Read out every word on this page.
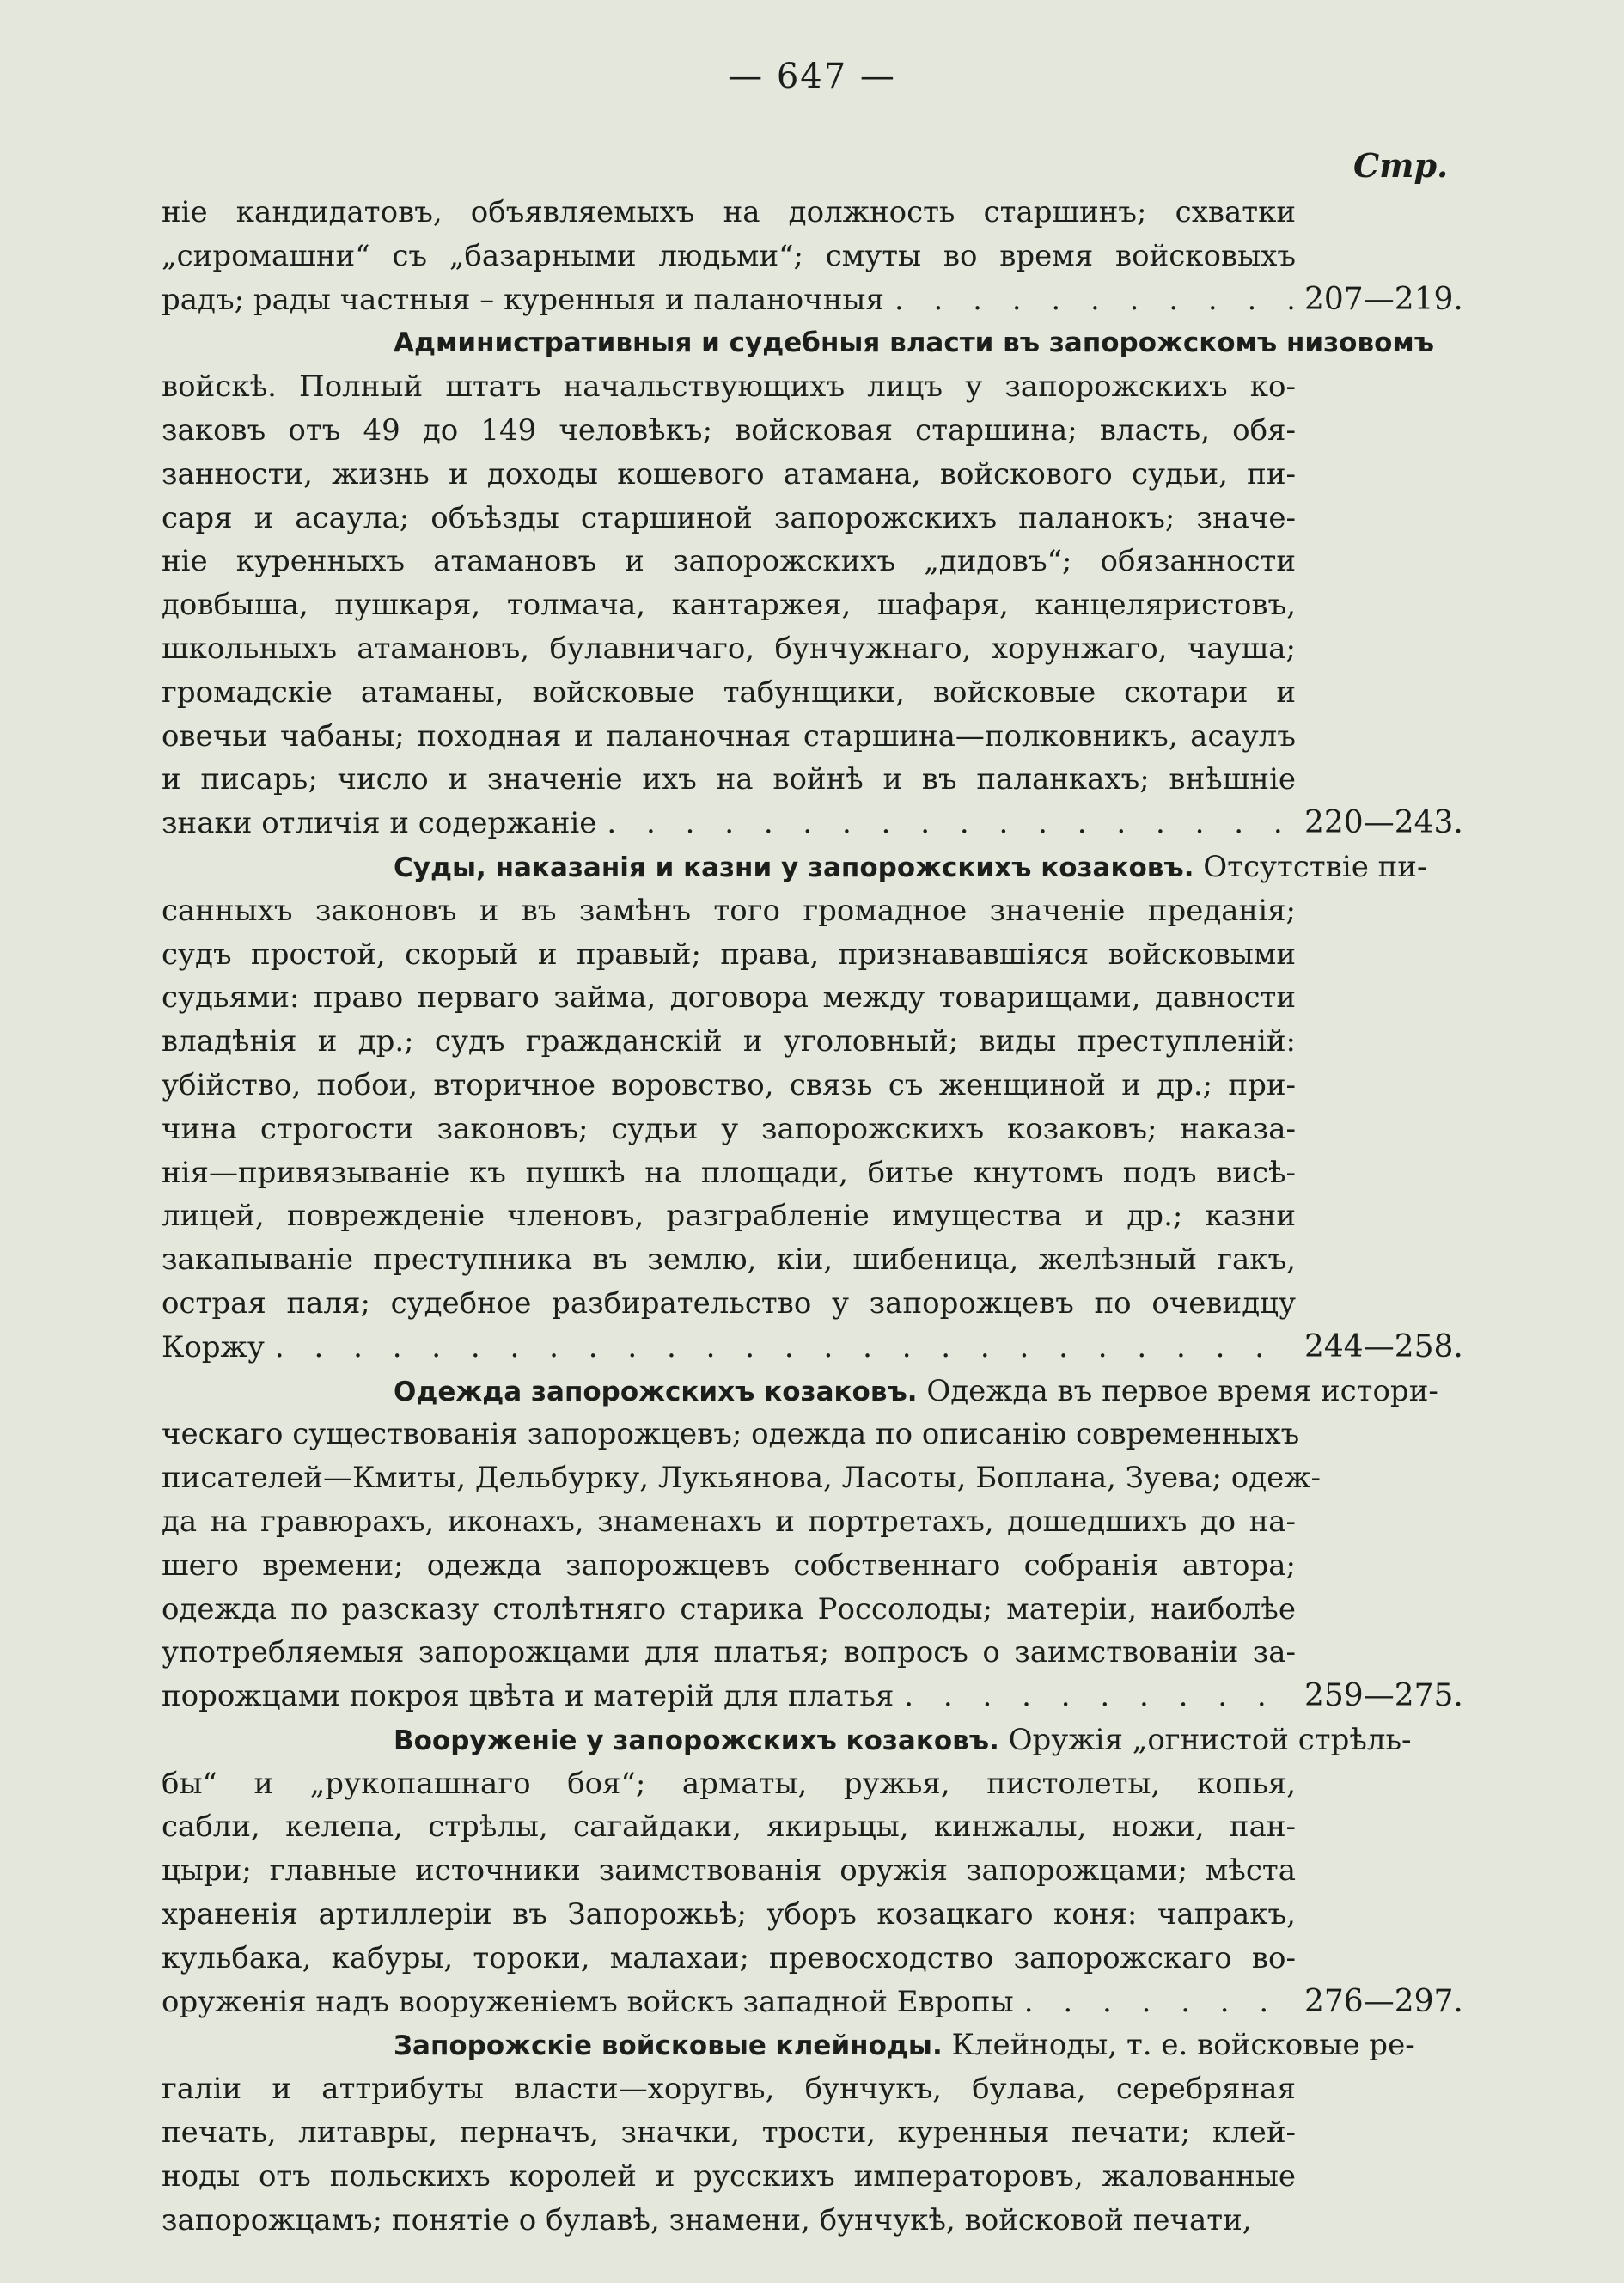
— 647 —
Стр.
ніе кандидатовъ, объявляемыхъ на должность старшинъ; схватки
„сиромашни“ съ „базарными людьми“; смуты во время войсковыхъ
радъ; рады частныя – куренныя и паланочныя . . .	207—219.
Административныя и судебныя власти въ запорожскомъ низовомъ
войскѣ. Полный штатъ начальствующихъ лицъ у запорожскихъ ко-
заковъ отъ 49 до 149 человѣкъ; войсковая старшина; власть, обя-
занности, жизнь и доходы кошевого атамана, войскового судьи, пи-
саря и асаула; объѣзды старшиной запорожскихъ паланокъ; значе-
ніе куренныхъ атамановъ и запорожскихъ „дидовъ“; обязанности
довбыша, пушкаря, толмача, кантаржея, шафаря, канцеляристовъ,
школьныхъ атамановъ, булавничаго, бунчужнаго, хорунжаго, чауша;
громадскіе атаманы, войсковые табунщики, войсковые скотари и
овечьи чабаны; походная и паланочная старшина—полковникъ, асаулъ
и писарь; число и значеніе ихъ на войнѣ и въ паланкахъ; внѣшніе
знаки отличія и содержаніе . . .	220—243.
Суды, наказанія и казни у запорожскихъ козаковъ. Отсутствіе пи-
санныхъ законовъ и въ замѣнъ того громадное значеніе преданія;
судъ простой, скорый и правый; права, признававшіяся войсковыми
судьями: право перваго займа, договора между товарищами, давности
владѣнія и др.; судъ гражданскій и уголовный; виды преступленій:
убійство, побои, вторичное воровство, связь съ женщиной и др.; при-
чина строгости законовъ; судьи у запорожскихъ козаковъ; наказа-
нія—привязываніе къ пушкѣ на площади, битье кнутомъ подъ висѣ-
лицей, поврежденіе членовъ, разграбленіе имущества и др.; казни
закапываніе преступника въ землю, кіи, шибеница, желѣзный гакъ,
острая паля; судебное разбирательство у запорожцевъ по очевидцу
Коржу . . .	244—258.
Одежда запорожскихъ козаковъ. Одежда въ первое время истори-
ческаго существованія запорожцевъ; одежда по описанію современныхъ
писателей—Кмиты, Дельбурку, Лукьянова, Ласоты, Боплана, Зуева; одеж-
да на гравюрахъ, иконахъ, знаменахъ и портретахъ, дошедшихъ до на-
шего времени; одежда запорожцевъ собственнаго собранія автора;
одежда по разсказу столѣтняго старика Россолоды; матеріи, наиболѣе
употребляемыя запорожцами для платья; вопросъ о заимствованіи за-
порожцами покроя цвѣта и матерій для платья . . .	259—275.
Вооруженіе у запорожскихъ козаковъ. Оружія „огнистой стрѣль-
бы“ и „рукопашнаго боя“; арматы, ружья, пистолеты, копья,
сабли, келепа, стрѣлы, сагайдаки, якирьцы, кинжалы, ножи, пан-
цыри; главные источники заимствованія оружія запорожцами; мѣста
храненія артиллеріи въ Запорожьѣ; уборъ козацкаго коня: чапракъ,
кульбака, кабуры, тороки, малахаи; превосходство запорожскаго во-
оруженія надъ вооруженіемъ войскъ западной Европы . . .	276—297.
Запорожскіе войсковые клейноды. Клейноды, т. е. войсковые ре-
галіи и аттрибуты власти—хоругвь, бунчукъ, булава, серебряная
печать, литавры, перначъ, значки, трости, куренныя печати; клей-
ноды отъ польскихъ королей и русскихъ императоровъ, жалованные
запорожцамъ; понятіе о булавѣ, знамени, бунчукѣ, войсковой печати,
